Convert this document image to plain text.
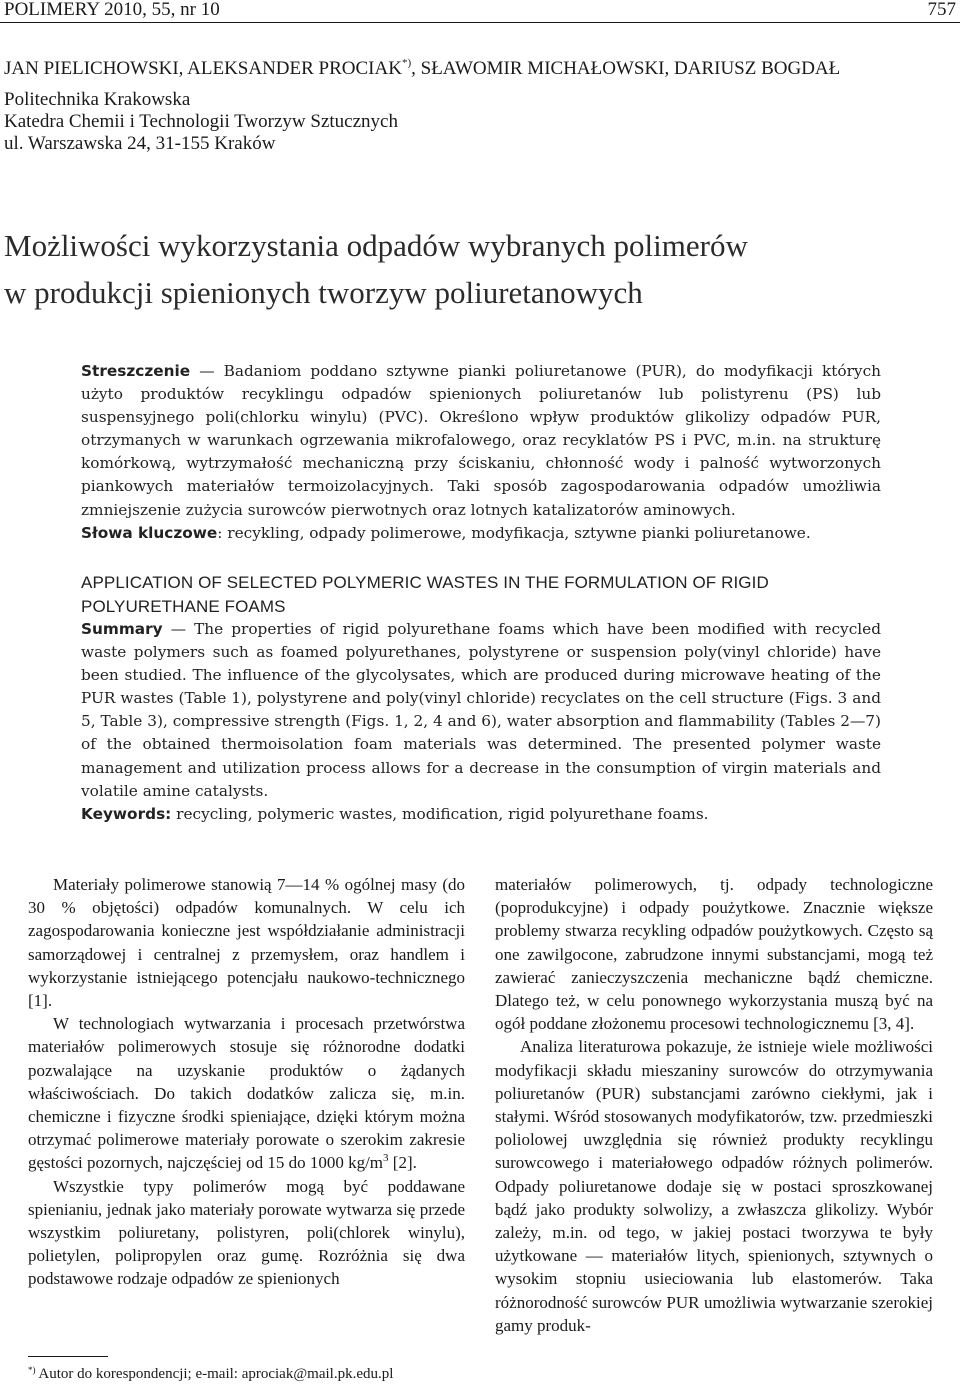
POLIMERY 2010, 55, nr 10	757
JAN PIELICHOWSKI, ALEKSANDER PROCIAK*), SŁAWOMIR MICHAŁOWSKI, DARIUSZ BOGDAŁ
Politechnika Krakowska
Katedra Chemii i Technologii Tworzyw Sztucznych
ul. Warszawska 24, 31-155 Kraków
Możliwości wykorzystania odpadów wybranych polimerów
w produkcji spienionych tworzyw poliuretanowych
Streszczenie — Badaniom poddano sztywne pianki poliuretanowe (PUR), do modyfikacji których użyto produktów recyklingu odpadów spienionych poliuretanów lub polistyrenu (PS) lub suspensyjnego poli(chlorku winylu) (PVC). Określono wpływ produktów glikolizy odpadów PUR, otrzymanych w warunkach ogrzewania mikrofalowego, oraz recyklatów PS i PVC, m.in. na strukturę komórkową, wytrzymałość mechaniczną przy ściskaniu, chłonność wody i palność wytworzonych piankowych materiałów termoizolacyjnych. Taki sposób zagospodarowania odpadów umożliwia zmniejszenie zużycia surowców pierwotnych oraz lotnych katalizatorów aminowych.
Słowa kluczowe: recykling, odpady polimerowe, modyfikacja, sztywne pianki poliuretanowe.
APPLICATION OF SELECTED POLYMERIC WASTES IN THE FORMULATION OF RIGID POLYURETHANE FOAMS
Summary — The properties of rigid polyurethane foams which have been modified with recycled waste polymers such as foamed polyurethanes, polystyrene or suspension poly(vinyl chloride) have been studied. The influence of the glycolysates, which are produced during microwave heating of the PUR wastes (Table 1), polystyrene and poly(vinyl chloride) recyclates on the cell structure (Figs. 3 and 5, Table 3), compressive strength (Figs. 1, 2, 4 and 6), water absorption and flammability (Tables 2—7) of the obtained thermoisolation foam materials was determined. The presented polymer waste management and utilization process allows for a decrease in the consumption of virgin materials and volatile amine catalysts.
Keywords: recycling, polymeric wastes, modification, rigid polyurethane foams.

Materiały polimerowe stanowią 7—14 % ogólnej masy (do 30 % objętości) odpadów komunalnych. W celu ich zagospodarowania konieczne jest współdziałanie administracji samorządowej i centralnej z przemysłem, oraz handlem i wykorzystanie istniejącego potencjału naukowo-technicznego [1].

W technologiach wytwarzania i procesach przetwórstwa materiałów polimerowych stosuje się różnorodne dodatki pozwalające na uzyskanie produktów o żądanych właściwościach. Do takich dodatków zalicza się, m.in. chemiczne i fizyczne środki spieniające, dzięki którym można otrzymać polimerowe materiały porowate o szerokim zakresie gęstości pozornych, najczęściej od 15 do 1000 $kg/m^3$ [2].

Wszystkie typy polimerów mogą być poddawane spienianiu, jednak jako materiały porowate wytwarza się przede wszystkim poliuretany, polistyren, poli(chlorek winylu), polietylen, polipropylen oraz gumę. Rozróżnia się dwa podstawowe rodzaje odpadów ze spienionych

materiałów polimerowych, tj. odpady technologiczne (poprodukcyjne) i odpady poużytkowe. Znacznie większe problemy stwarza recykling odpadów poużytkowych. Często są one zawilgocone, zabrudzone innymi substancjami, mogą też zawierać zanieczyszczenia mechaniczne bądź chemiczne. Dlatego też, w celu ponownego wykorzystania muszą być na ogół poddane złożonemu procesowi technologicznemu [3, 4].

Analiza literaturowa pokazuje, że istnieje wiele możliwości modyfikacji składu mieszaniny surowców do otrzymywania poliuretanów (PUR) substancjami zarówno ciekłymi, jak i stałymi. Wśród stosowanych modyfikatorów, tzw. przedmieszki poliolowej uwzględnia się również produkty recyklingu surowcowego i materiałowego odpadów różnych polimerów. Odpady poliuretanowe dodaje się w postaci sproszkowanej bądź jako produkty solwolizy, a zwłaszcza glikolizy. Wybór zależy, m.in. od tego, w jakiej postaci tworzywa te były użytkowane — materiałów litych, spienionych, sztywnych o wysokim stopniu usieciowania lub elastomerów. Taka różnorodność surowców PUR umożliwia wytwarzanie szerokiej gamy produk-

*) Autor do korespondencji; e-mail: aprociak@mail.pk.edu.pl
